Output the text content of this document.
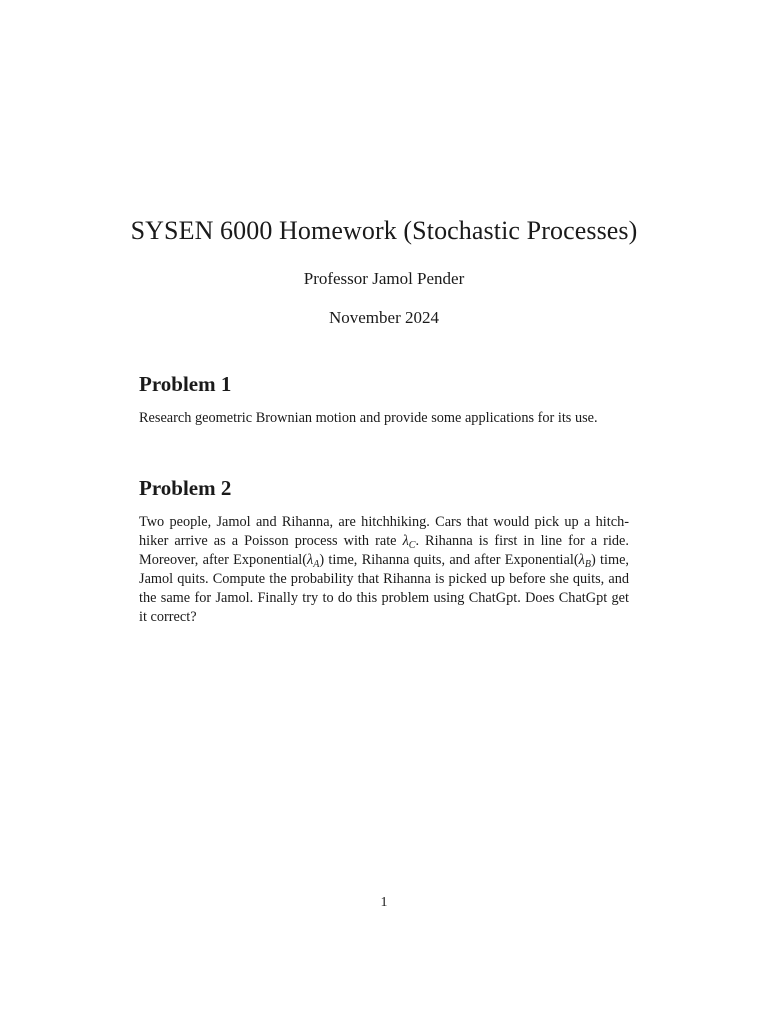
SYSEN 6000 Homework (Stochastic Processes)
Professor Jamol Pender
November 2024
Problem 1

Research geometric Brownian motion and provide some applications for its use.

Problem 2

Two people, Jamol and Rihanna, are hitchhiking. Cars that would pick up a hitch-hiker arrive as a Poisson process with rate $\lambda_C$. Rihanna is first in line for a ride. Moreover, after $Exponential(\lambda_A)$ time, Rihanna quits, and after $Exponential(\lambda_B)$ time, Jamol quits. Compute the probability that Rihanna is picked up before she quits, and the same for Jamol. Finally try to do this problem using ChatGpt. Does ChatGpt get it correct?

1
